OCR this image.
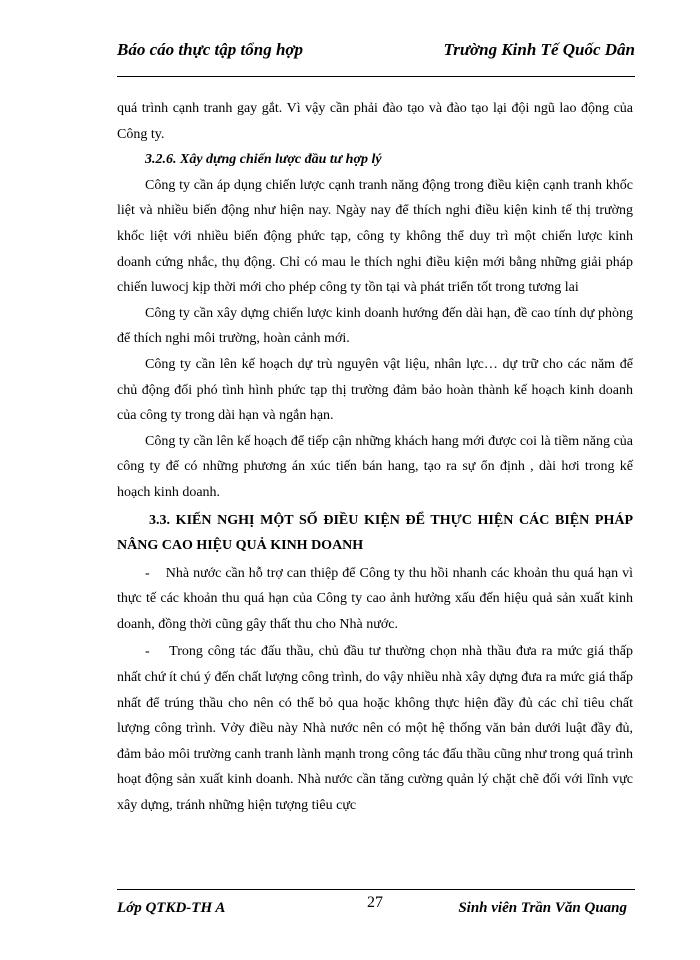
Báo cáo thực tập tổng hợp	Trường Kinh Tế Quốc Dân

quá trình cạnh tranh gay gắt. Vì vậy cần phải đào tạo và đào tạo lại đội ngũ lao động của Công ty.

3.2.6. Xây dựng chiến lược đầu tư hợp lý

Công ty cần áp dụng chiến lược cạnh tranh năng động trong điều kiện cạnh tranh khốc liệt và nhiều biến động như hiện nay. Ngày nay để thích nghi điều kiện kinh tế thị trường khốc liệt với nhiều biến động phức tạp, công ty không thể duy trì một chiến lược kinh doanh cứng nhắc, thụ động. Chỉ có mau le thích nghi điều kiện mới bằng những giải pháp chiến luwocj kịp thời mới cho phép công ty tồn tại và phát triển tốt trong tương lai

Công ty cần xây dựng chiến lược kinh doanh hướng đến dài hạn, đề cao tính dự phòng để thích nghi môi trường, hoàn cảnh mới.

Công ty cần lên kế hoạch dự trù nguyên vật liệu, nhân lực… dự trữ cho các năm để chủ động đối phó tình hình phức tạp thị trường đảm bảo hoàn thành kế hoạch kinh doanh của công ty trong dài hạn và ngắn hạn.

Công ty cần lên kế hoạch để tiếp cận những khách hang mới được coi là tiềm năng của công ty để có những phương án xúc tiến bán hang, tạo ra sự ổn định , dài hơi trong kế hoạch kinh doanh.

3.3. KIẾN NGHỊ MỘT SỐ ĐIỀU KIỆN ĐỂ THỰC HIỆN CÁC BIỆN PHÁP NÂNG CAO HIỆU QUẢ KINH DOANH

- Nhà nước cần hỗ trợ can thiệp để Công ty thu hồi nhanh các khoản thu quá hạn vì thực tế các khoản thu quá hạn của Công ty cao ảnh hưởng xấu đến hiệu quả sản xuất kinh doanh, đồng thời cũng gây thất thu cho Nhà nước.

- Trong công tác đấu thầu, chủ đầu tư thường chọn nhà thầu đưa ra mức giá thấp nhất chứ ít chú ý đến chất lượng công trình, do vậy nhiều nhà xây dựng đưa ra mức giá thấp nhất để trúng thầu cho nên có thể bỏ qua hoặc không thực hiện đầy đủ các chỉ tiêu chất lượng công trình. Vởy điều này Nhà nước nên có một hệ thống văn bản dưới luật đầy đủ, đảm bảo môi trường canh tranh lành mạnh trong công tác đấu thầu cũng như trong quá trình hoạt động sản xuất kinh doanh. Nhà nước cần tăng cường quản lý chặt chẽ đối với lĩnh vực xây dựng, tránh những hiện tượng tiêu cực

Lớp QTKD-TH A	27	Sinh viên Trần Văn Quang
